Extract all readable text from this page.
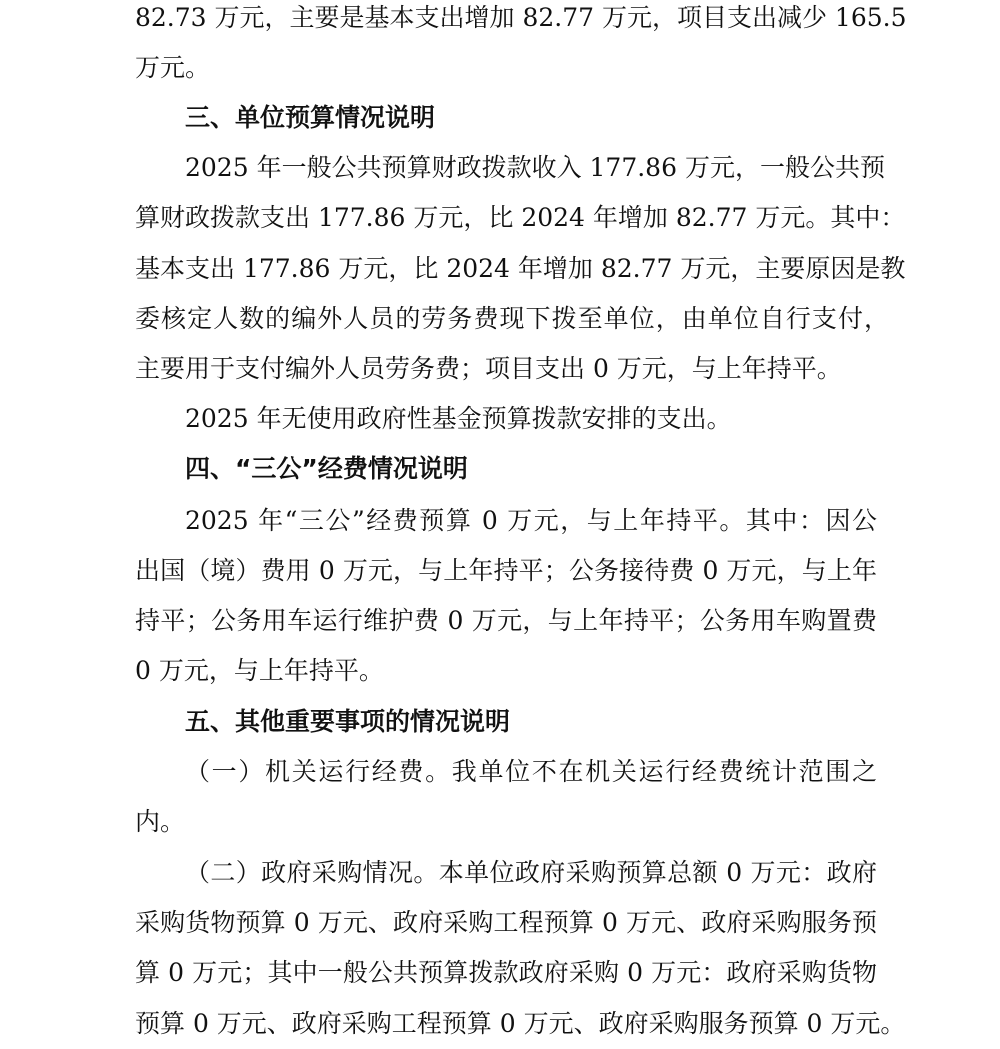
82.73 万元，主要是基本支出增加 82.77 万元，项目支出减少 165.5
万元。
三、单位预算情况说明
2025 年一般公共预算财政拨款收入 177.86 万元，一般公共预
算财政拨款支出 177.86 万元，比 2024 年增加 82.77 万元。其中：
基本支出 177.86 万元，比 2024 年增加 82.77 万元，主要原因是教
委核定人数的编外人员的劳务费现下拨至单位，由单位自行支付，
主要用于支付编外人员劳务费；项目支出 0 万元，与上年持平。
2025 年无使用政府性基金预算拨款安排的支出。
四、“三公”经费情况说明
2025 年“三公”经费预算 0 万元，与上年持平。其中：因公
出国（境）费用 0 万元，与上年持平；公务接待费 0 万元，与上年
持平；公务用车运行维护费 0 万元，与上年持平；公务用车购置费
0 万元，与上年持平。
五、其他重要事项的情况说明
（一）机关运行经费。我单位不在机关运行经费统计范围之
内。
（二）政府采购情况。本单位政府采购预算总额 0 万元：政府
采购货物预算 0 万元、政府采购工程预算 0 万元、政府采购服务预
算 0 万元；其中一般公共预算拨款政府采购 0 万元：政府采购货物
预算 0 万元、政府采购工程预算 0 万元、政府采购服务预算 0 万元。
